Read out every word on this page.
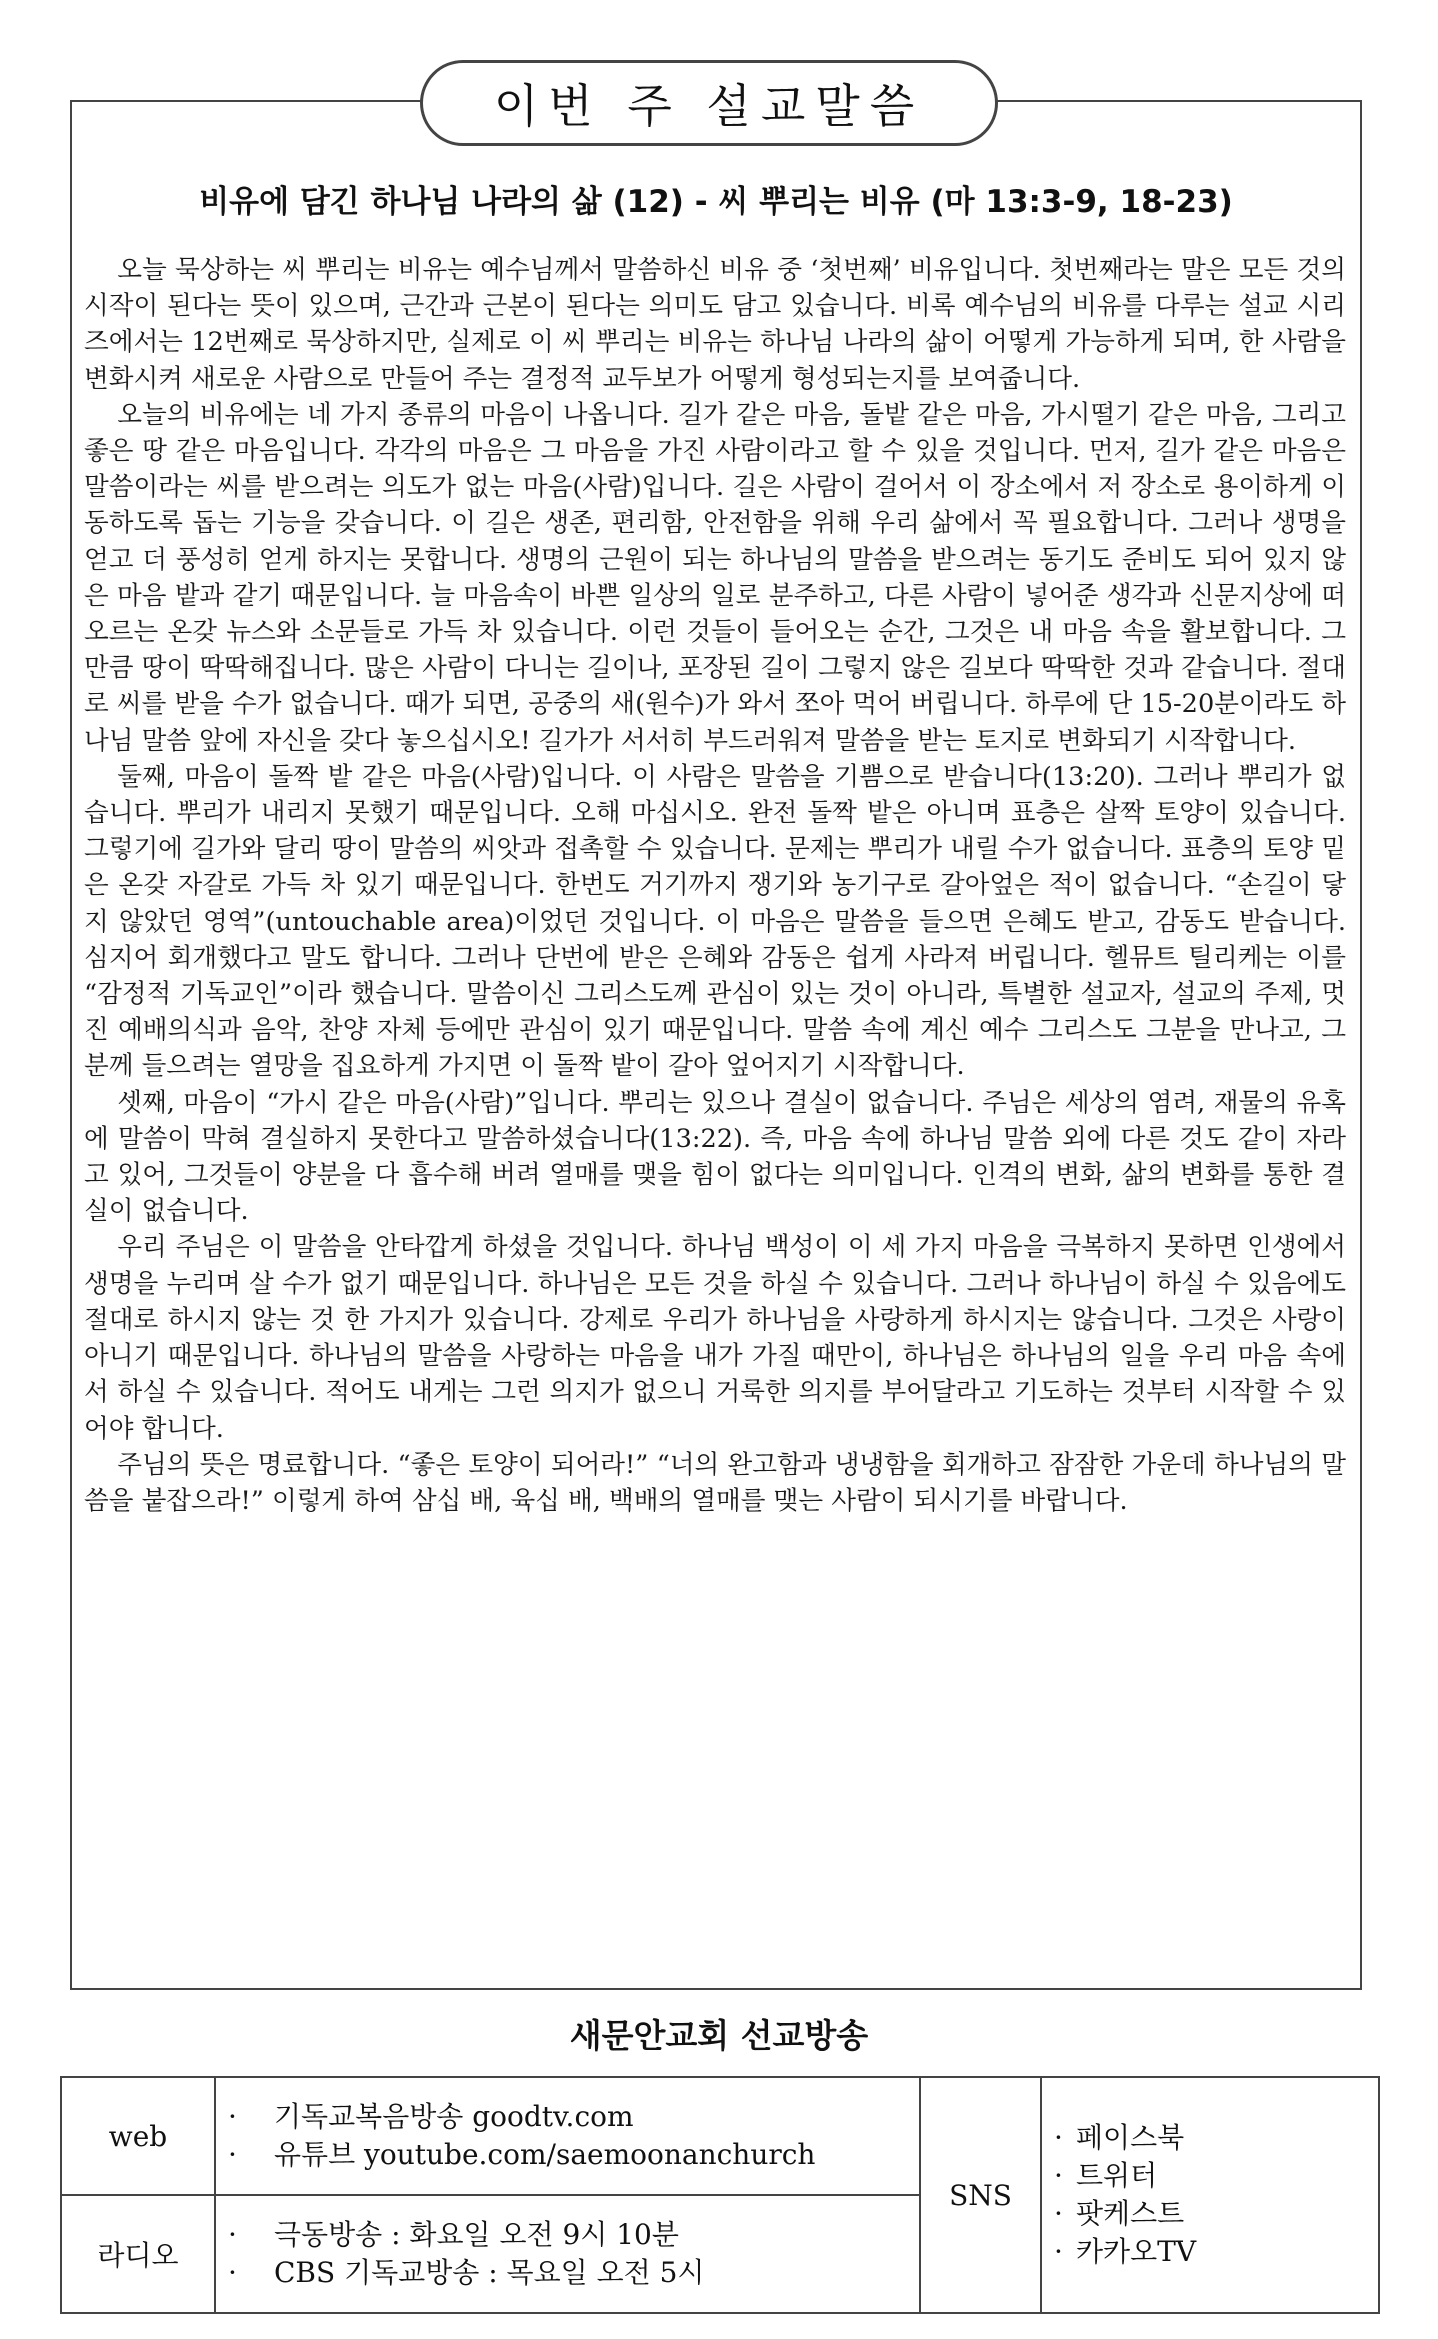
이번 주 설교말씀
비유에 담긴 하나님 나라의 삶 (12) - 씨 뿌리는 비유 (마 13:3-9, 18-23)

오늘 묵상하는 씨 뿌리는 비유는 예수님께서 말씀하신 비유 중 ‘첫번째’ 비유입니다. 첫번째라는 말은 모든 것의 시작이 된다는 뜻이 있으며, 근간과 근본이 된다는 의미도 담고 있습니다. 비록 예수님의 비유를 다루는 설교 시리즈에서는 12번째로 묵상하지만, 실제로 이 씨 뿌리는 비유는 하나님 나라의 삶이 어떻게 가능하게 되며, 한 사람을 변화시켜 새로운 사람으로 만들어 주는 결정적 교두보가 어떻게 형성되는지를 보여줍니다.

오늘의 비유에는 네 가지 종류의 마음이 나옵니다. 길가 같은 마음, 돌밭 같은 마음, 가시떨기 같은 마음, 그리고 좋은 땅 같은 마음입니다. 각각의 마음은 그 마음을 가진 사람이라고 할 수 있을 것입니다. 먼저, 길가 같은 마음은 말씀이라는 씨를 받으려는 의도가 없는 마음(사람)입니다. 길은 사람이 걸어서 이 장소에서 저 장소로 용이하게 이동하도록 돕는 기능을 갖습니다. 이 길은 생존, 편리함, 안전함을 위해 우리 삶에서 꼭 필요합니다. 그러나 생명을 얻고 더 풍성히 얻게 하지는 못합니다. 생명의 근원이 되는 하나님의 말씀을 받으려는 동기도 준비도 되어 있지 않은 마음 밭과 같기 때문입니다. 늘 마음속이 바쁜 일상의 일로 분주하고, 다른 사람이 넣어준 생각과 신문지상에 떠오르는 온갖 뉴스와 소문들로 가득 차 있습니다. 이런 것들이 들어오는 순간, 그것은 내 마음 속을 활보합니다. 그만큼 땅이 딱딱해집니다. 많은 사람이 다니는 길이나, 포장된 길이 그렇지 않은 길보다 딱딱한 것과 같습니다. 절대로 씨를 받을 수가 없습니다. 때가 되면, 공중의 새(원수)가 와서 쪼아 먹어 버립니다. 하루에 단 15-20분이라도 하나님 말씀 앞에 자신을 갖다 놓으십시오! 길가가 서서히 부드러워져 말씀을 받는 토지로 변화되기 시작합니다.

둘째, 마음이 돌짝 밭 같은 마음(사람)입니다. 이 사람은 말씀을 기쁨으로 받습니다(13:20). 그러나 뿌리가 없습니다. 뿌리가 내리지 못했기 때문입니다. 오해 마십시오. 완전 돌짝 밭은 아니며 표층은 살짝 토양이 있습니다. 그렇기에 길가와 달리 땅이 말씀의 씨앗과 접촉할 수 있습니다. 문제는 뿌리가 내릴 수가 없습니다. 표층의 토양 밑은 온갖 자갈로 가득 차 있기 때문입니다. 한번도 거기까지 쟁기와 농기구로 갈아엎은 적이 없습니다. “손길이 닿지 않았던 영역”(untouchable area)이었던 것입니다. 이 마음은 말씀을 들으면 은혜도 받고, 감동도 받습니다. 심지어 회개했다고 말도 합니다. 그러나 단번에 받은 은혜와 감동은 쉽게 사라져 버립니다. 헬뮤트 틸리케는 이를 “감정적 기독교인”이라 했습니다. 말씀이신 그리스도께 관심이 있는 것이 아니라, 특별한 설교자, 설교의 주제, 멋진 예배의식과 음악, 찬양 자체 등에만 관심이 있기 때문입니다. 말씀 속에 계신 예수 그리스도 그분을 만나고, 그분께 들으려는 열망을 집요하게 가지면 이 돌짝 밭이 갈아 엎어지기 시작합니다.

셋째, 마음이 “가시 같은 마음(사람)”입니다. 뿌리는 있으나 결실이 없습니다. 주님은 세상의 염려, 재물의 유혹에 말씀이 막혀 결실하지 못한다고 말씀하셨습니다(13:22). 즉, 마음 속에 하나님 말씀 외에 다른 것도 같이 자라고 있어, 그것들이 양분을 다 흡수해 버려 열매를 맺을 힘이 없다는 의미입니다. 인격의 변화, 삶의 변화를 통한 결실이 없습니다.

우리 주님은 이 말씀을 안타깝게 하셨을 것입니다. 하나님 백성이 이 세 가지 마음을 극복하지 못하면 인생에서 생명을 누리며 살 수가 없기 때문입니다. 하나님은 모든 것을 하실 수 있습니다. 그러나 하나님이 하실 수 있음에도 절대로 하시지 않는 것 한 가지가 있습니다. 강제로 우리가 하나님을 사랑하게 하시지는 않습니다. 그것은 사랑이 아니기 때문입니다. 하나님의 말씀을 사랑하는 마음을 내가 가질 때만이, 하나님은 하나님의 일을 우리 마음 속에서 하실 수 있습니다. 적어도 내게는 그런 의지가 없으니 거룩한 의지를 부어달라고 기도하는 것부터 시작할 수 있어야 합니다.

주님의 뜻은 명료합니다. “좋은 토양이 되어라!” “너의 완고함과 냉냉함을 회개하고 잠잠한 가운데 하나님의 말씀을 붙잡으라!” 이렇게 하여 삼십 배, 육십 배, 백배의 열매를 맺는 사람이 되시기를 바랍니다.

새문안교회 선교방송
web	· 기독교복음방송 goodtv.com
· 유튜브 youtube.com/saemoonanchurch	SNS	· 페이스북
· 트위터
· 팟케스트
· 카카오TV

라디오	· 극동방송 : 화요일 오전 9시 10분
· CBS 기독교방송 : 목요일 오전 5시		
